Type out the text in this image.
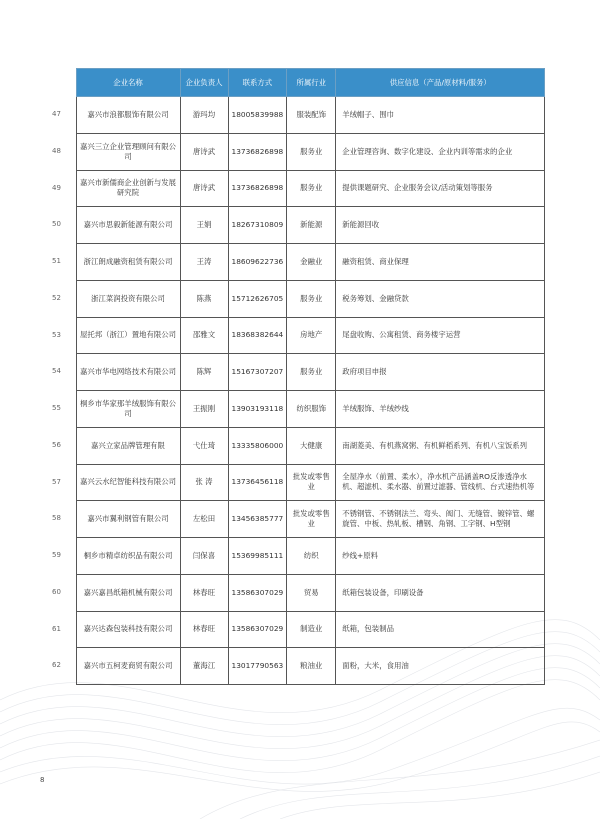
	企业名称	企业负责人	联系方式	所属行业	供应信息（产品/原材料/服务）
47	嘉兴市浪都服饰有限公司	游玛均	18005839988	服装配饰	羊绒帽子、围巾
48	嘉兴三立企业管理顾问有限公司	唐诗武	13736826898	服务业	企业管理咨询、数字化建设、企业内训等需求的企业
49	嘉兴市新儒商企业创新与发展研究院	唐诗武	13736826898	服务业	提供课题研究、企业服务会议/活动策划等服务
50	嘉兴市思毅新能源有限公司	王娟	18267310809	新能源	新能源回收
51	浙江朗成融资租赁有限公司	王涛	18609622736	金融业	融资租赁、商业保理
52	浙江菜润投资有限公司	陈燕	15712626705	服务业	税务筹划、金融贷款
53	屋托邦（浙江）置地有限公司	邵雅文	18368382644	房地产	尾盘收购、公寓租赁、商务楼宇运营
54	嘉兴市华电网络技术有限公司	陈辉	15167307207	服务业	政府项目申报
55	桐乡市华家那羊绒服饰有限公司	王振刚	13903193118	纺织服饰	羊绒服饰、羊绒纱线
56	嘉兴立家品牌管理有限	弋仕琦	13335806000	大健康	南湖菱美、有机燕窝粥、有机鲜稻系列、有机八宝饭系列
57	嘉兴云水纪智能科技有限公司	张 涛	13736456118	批发或零售业	全屋净水（前置、柔水），净水机产品涵盖RO反渗透净水机、超滤机、柔水器、前置过滤器、管线机、台式速热机等
58	嘉兴市翼利钢管有限公司	左松田	13456385777	批发或零售业	不锈钢管、不锈钢法兰、弯头、阀门、无缝管、镀锌管、螺旋管、中板、热轧板、槽钢、角钢、工字钢、H型钢
59	桐乡市精卓纺织品有限公司	闫保喜	15369985111	纺织	纱线+原料
60	嘉兴嘉昌纸箱机械有限公司	林春旺	13586307029	贸易	纸箱包装设备，印刷设备
61	嘉兴达森包装科技有限公司	林春旺	13586307029	制造业	纸箱，包装制品
62	嘉兴市五柯麦商贸有限公司	董海江	13017790563	粮油业	面粉，大米，食用油
8
